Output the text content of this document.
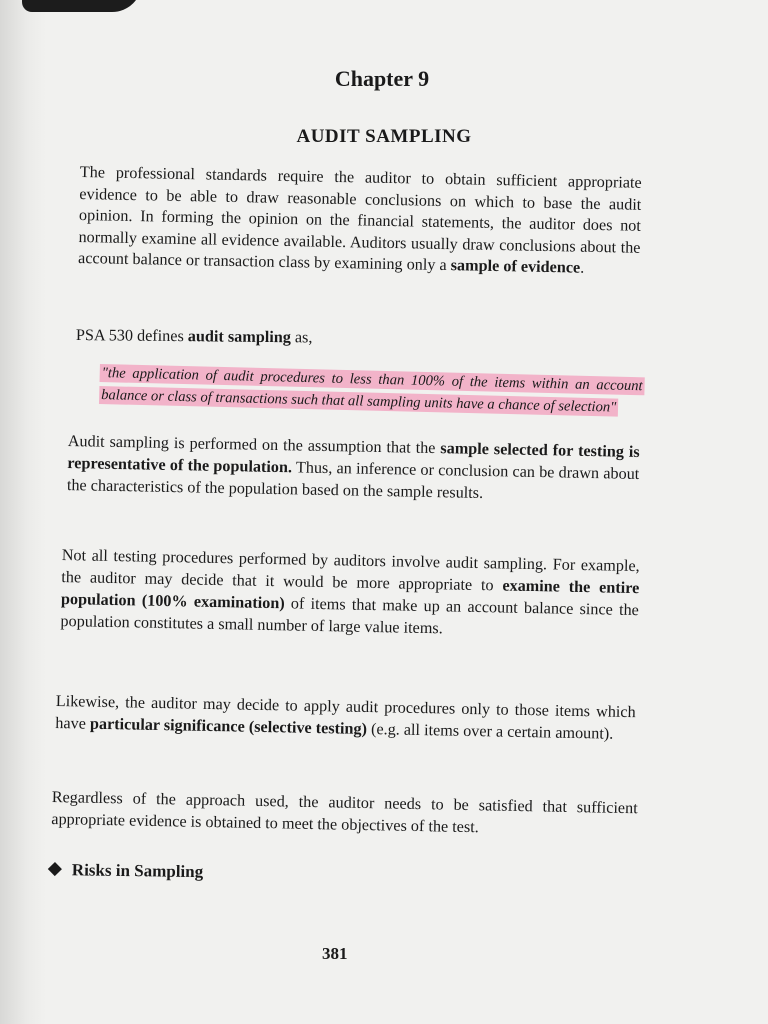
Chapter 9
AUDIT SAMPLING

The professional standards require the auditor to obtain sufficient appropriate evidence to be able to draw reasonable conclusions on which to base the audit opinion. In forming the opinion on the financial statements, the auditor does not normally examine all evidence available. Auditors usually draw conclusions about the account balance or transaction class by examining only a sample of evidence.

PSA 530 defines audit sampling as,

"the application of audit procedures to less than 100% of the items within an account balance or class of transactions such that all sampling units have a chance of selection"

Audit sampling is performed on the assumption that the sample selected for testing is representative of the population. Thus, an inference or conclusion can be drawn about the characteristics of the population based on the sample results.

Not all testing procedures performed by auditors involve audit sampling. For example, the auditor may decide that it would be more appropriate to examine the entire population (100% examination) of items that make up an account balance since the population constitutes a small number of large value items.

Likewise, the auditor may decide to apply audit procedures only to those items which have particular significance (selective testing) (e.g. all items over a certain amount).

Regardless of the approach used, the auditor needs to be satisfied that sufficient appropriate evidence is obtained to meet the objectives of the test.

Risks in Sampling
381
